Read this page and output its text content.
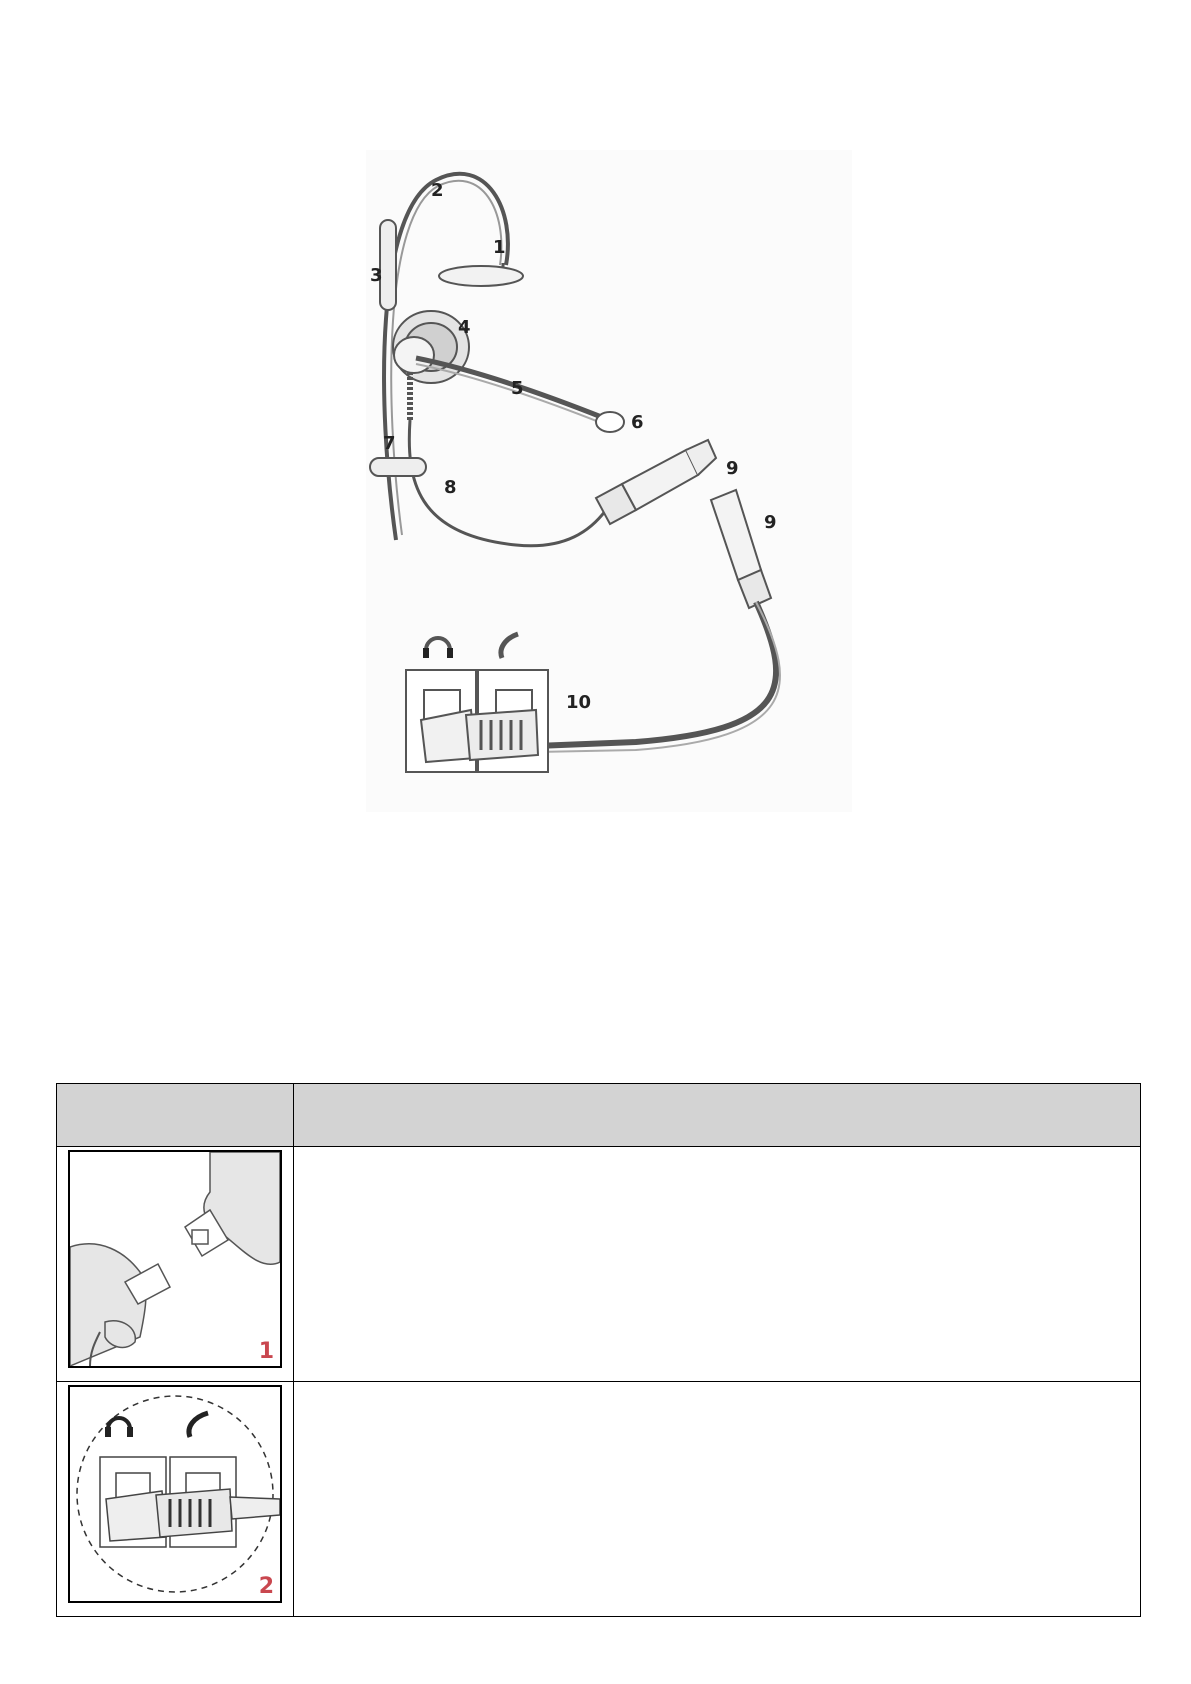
2
1
3
4
5
6
7
8
9
9
10

1	

2	
